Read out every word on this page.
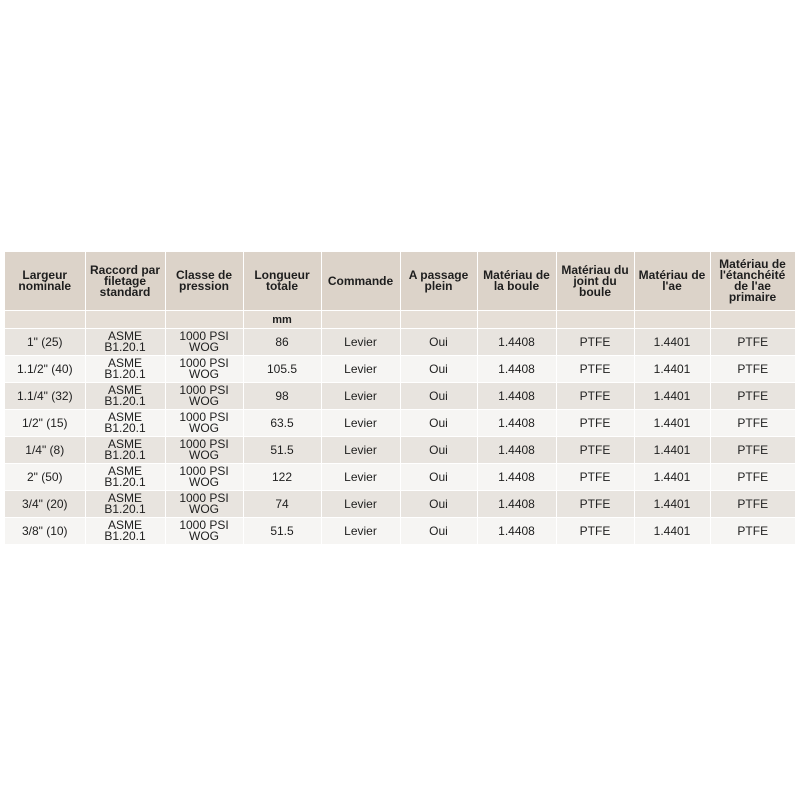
Largeur nominale	Raccord par filetage standard	Classe de pression	Longueur totale	Commande	A passage plein	Matériau de la boule	Matériau du joint du boule	Matériau de l'ae	Matériau de l'étanchéité de l'ae primaire
			mm						
1" (25)	ASME B1.20.1	1000 PSI WOG	86	Levier	Oui	1.4408	PTFE	1.4401	PTFE
1.1/2" (40)	ASME B1.20.1	1000 PSI WOG	105.5	Levier	Oui	1.4408	PTFE	1.4401	PTFE
1.1/4" (32)	ASME B1.20.1	1000 PSI WOG	98	Levier	Oui	1.4408	PTFE	1.4401	PTFE
1/2" (15)	ASME B1.20.1	1000 PSI WOG	63.5	Levier	Oui	1.4408	PTFE	1.4401	PTFE
1/4" (8)	ASME B1.20.1	1000 PSI WOG	51.5	Levier	Oui	1.4408	PTFE	1.4401	PTFE
2" (50)	ASME B1.20.1	1000 PSI WOG	122	Levier	Oui	1.4408	PTFE	1.4401	PTFE
3/4" (20)	ASME B1.20.1	1000 PSI WOG	74	Levier	Oui	1.4408	PTFE	1.4401	PTFE
3/8" (10)	ASME B1.20.1	1000 PSI WOG	51.5	Levier	Oui	1.4408	PTFE	1.4401	PTFE
